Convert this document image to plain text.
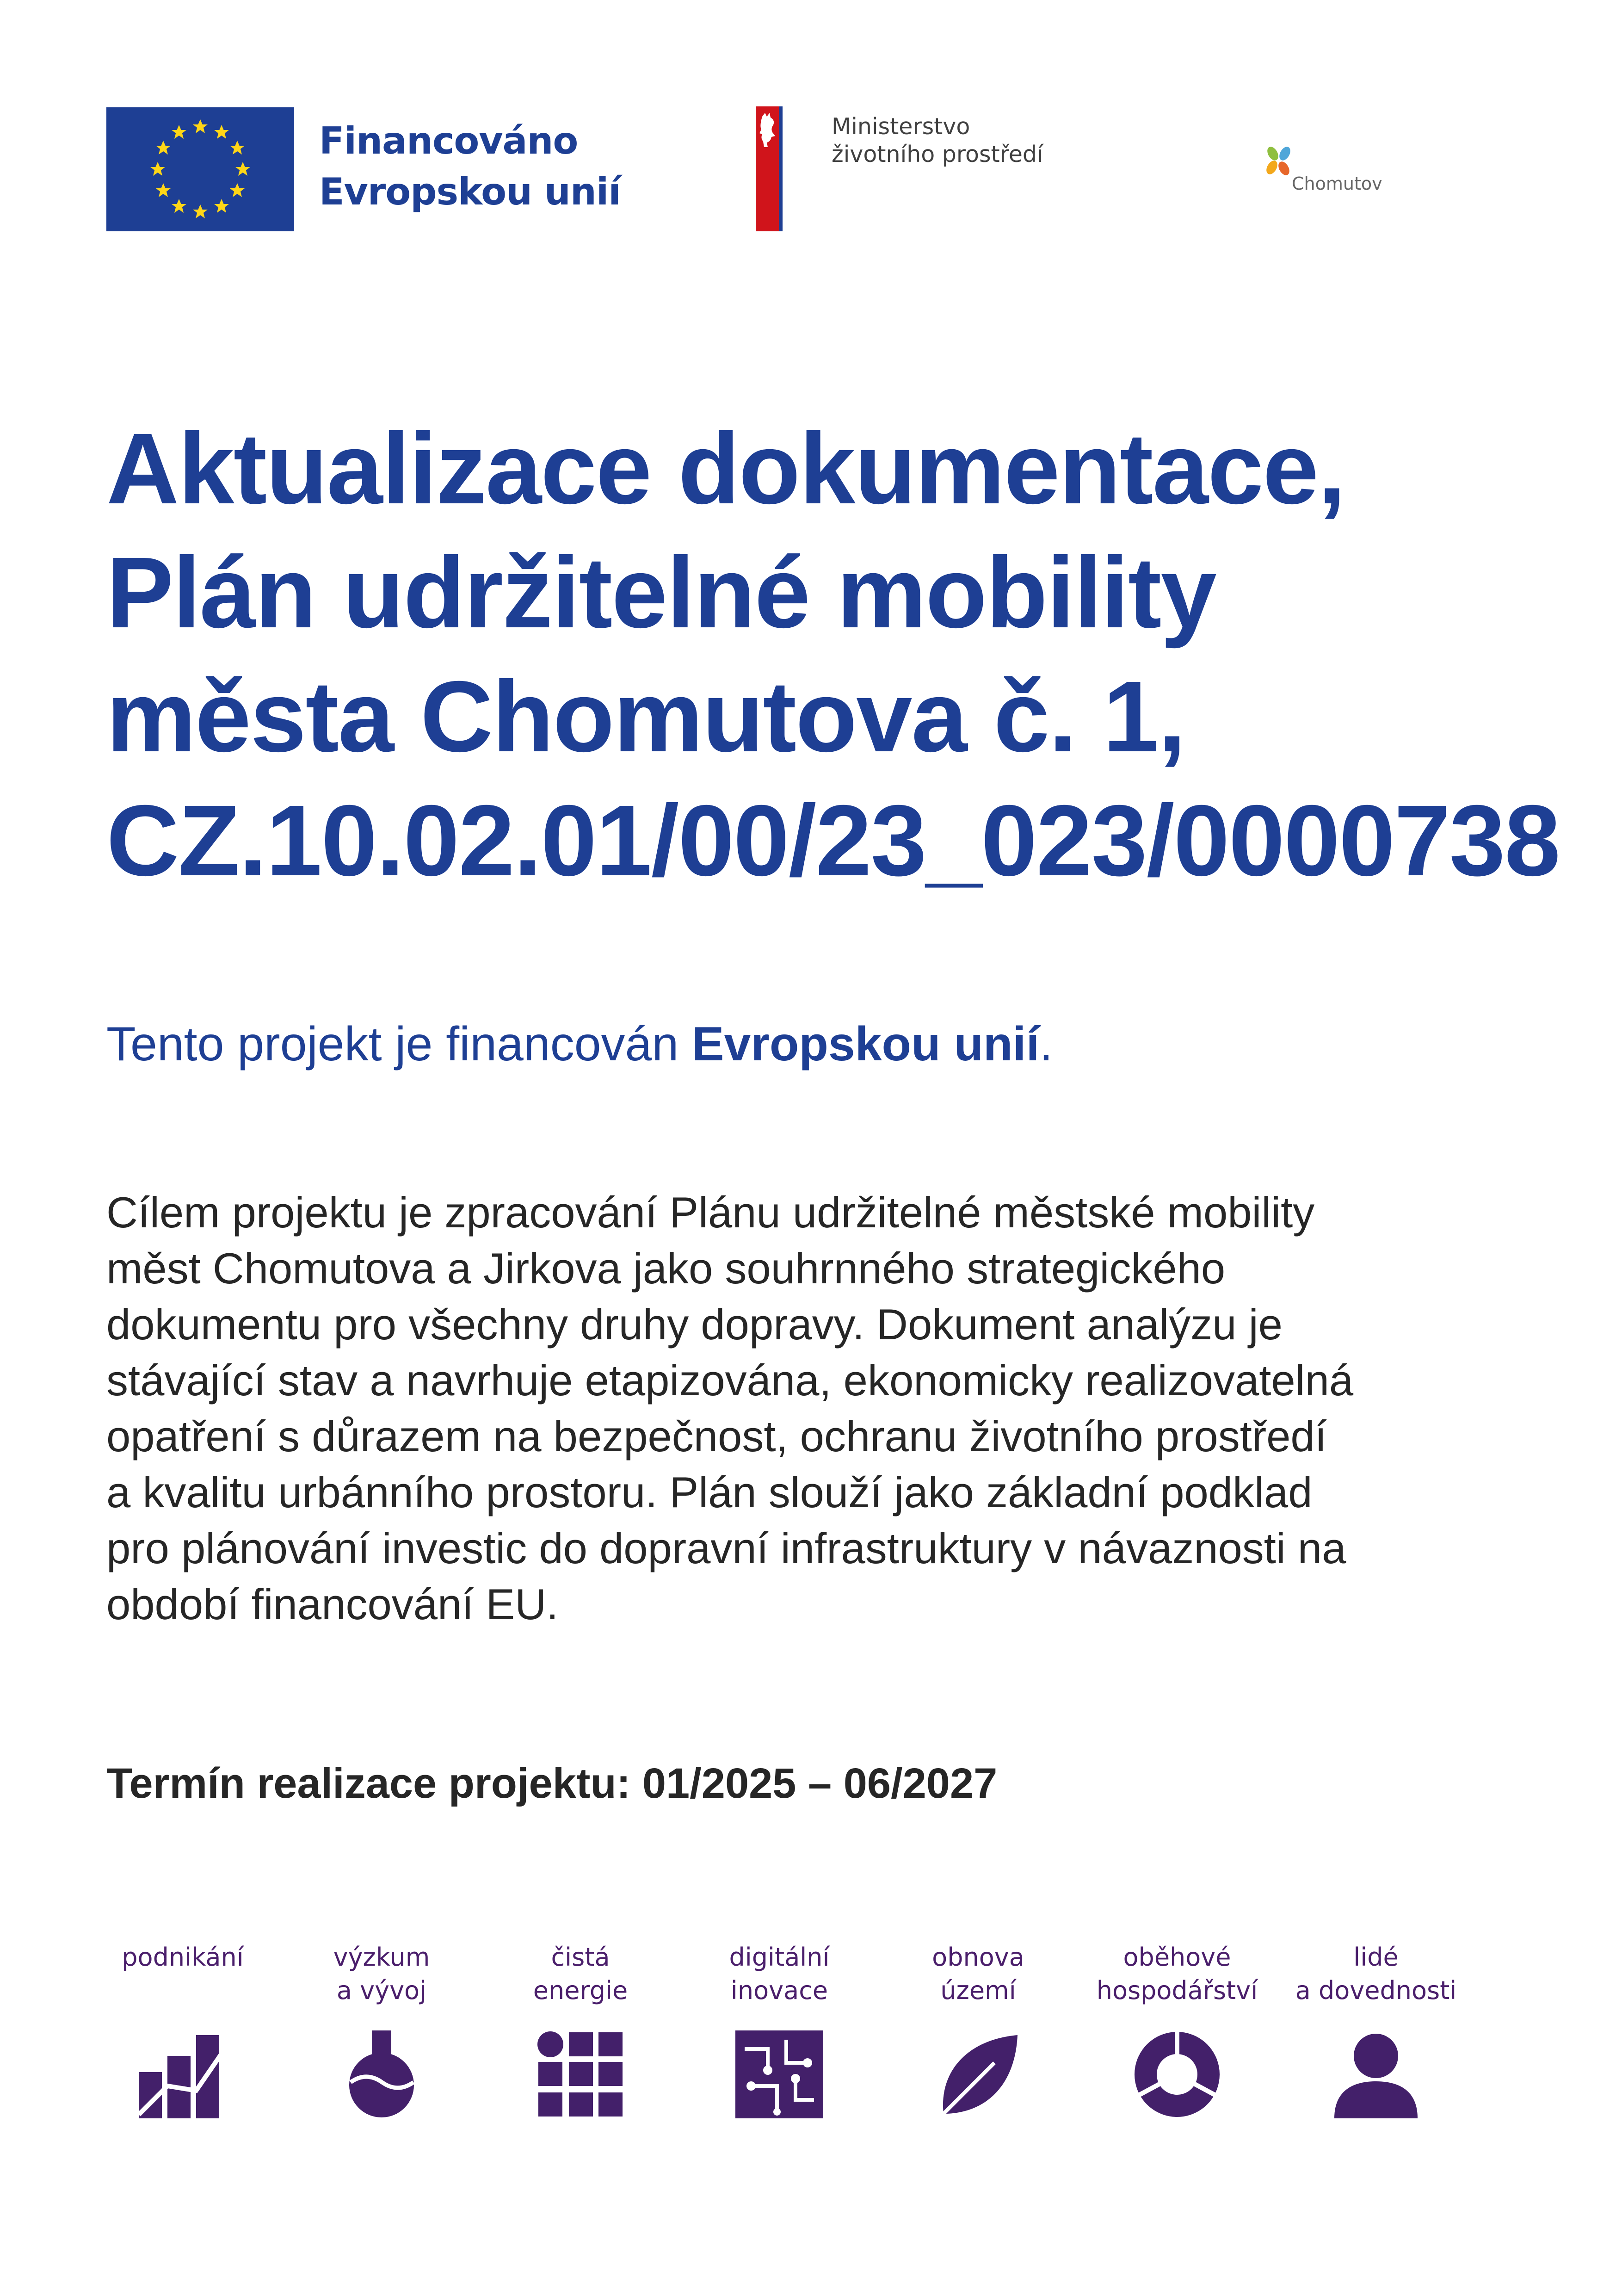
Financováno
Evropskou unií
Ministerstvo
životního prostředí
Chomutov
Aktualizace dokumentace,
Plán udržitelné mobility
města Chomutova č. 1,
CZ.10.02.01/00/23_023/0000738
Tento projekt je financován Evropskou unií.
Cílem projektu je zpracování Plánu udržitelné městské mobility
měst Chomutova a Jirkova jako souhrnného strategického
dokumentu pro všechny druhy dopravy. Dokument analýzu je
stávající stav a navrhuje etapizována, ekonomicky realizovatelná
opatření s důrazem na bezpečnost, ochranu životního prostředí
a kvalitu urbánního prostoru. Plán slouží jako základní podklad
pro plánování investic do dopravní infrastruktury v návaznosti na
období financování EU.
Termín realizace projektu: 01/2025 – 06/2027
podnikání	výzkum
a vývoj
čistá
energie
digitální
inovace
obnova
území
oběhové
hospodářství
lidé
a dovednosti
